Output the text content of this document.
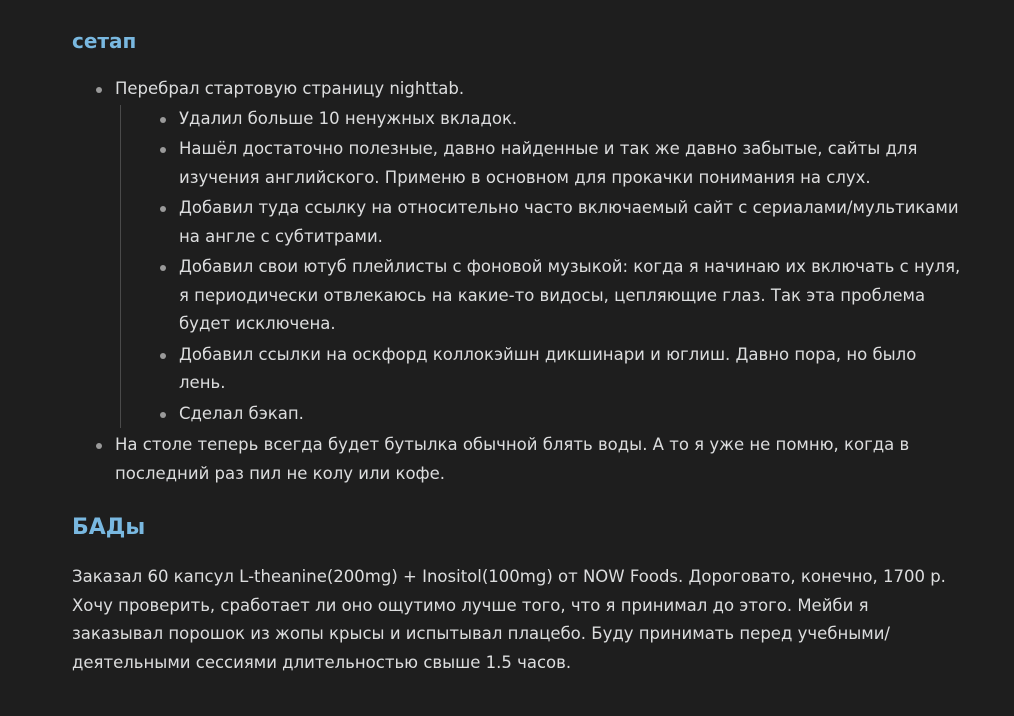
сетап
Перебрал стартовую страницу nighttab.
Удалил больше 10 ненужных вкладок.
Нашёл достаточно полезные, давно найденные и так же давно забытые, сайты для изучения английского. Применю в основном для прокачки понимания на слух.
Добавил туда ссылку на относительно часто включаемый сайт с сериалами/мультиками на англе с субтитрами.
Добавил свои ютуб плейлисты с фоновой музыкой: когда я начинаю их включать с нуля, я периодически отвлекаюсь на какие-то видосы, цепляющие глаз. Так эта проблема будет исключена.
Добавил ссылки на оскфорд коллокэйшн дикшинари и юглиш. Давно пора, но было лень.
Сделал бэкап.
На столе теперь всегда будет бутылка обычной блять воды. А то я уже не помню, когда в последний раз пил не колу или кофе.
БАДы

Заказал 60 капсул L-theanine(200mg) + Inositol(100mg) от NOW Foods. Дороговато, конечно, 1700 р. Хочу проверить, сработает ли оно ощутимо лучше того, что я принимал до этого. Мейби я заказывал порошок из жопы крысы и испытывал плацебо. Буду принимать перед учебными/деятельными сессиями длительностью свыше 1.5 часов.
